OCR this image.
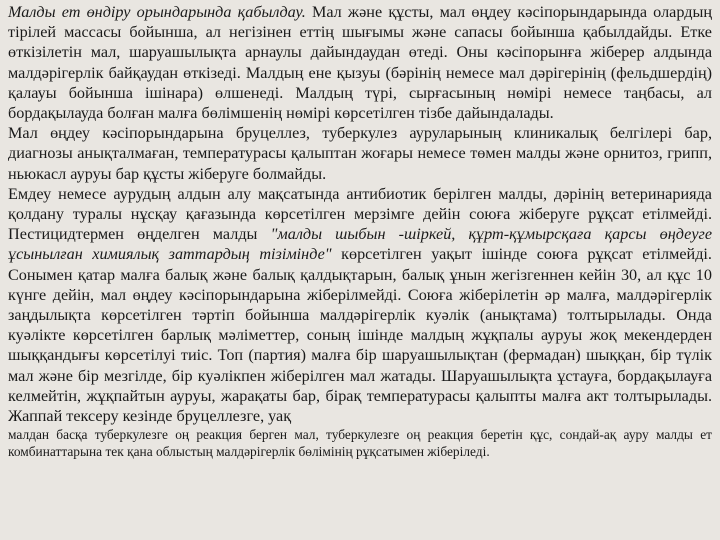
Малды ет өндіру орындарында қабылдау. Мал және құсты, мал өңдеу кәсіпорындарында олардың тірілей массасы бойынша, ал негізінен еттің шығымы және сапасы бойынша қабылдайды. Етке өткізілетін мал, шаруашылықта арнаулы дайындаудан өтеді. Оны кәсіпорынға жіберер алдында малдәрігерлік байқаудан өткізеді. Малдың ене қызуы (бәрінің немесе мал дәрігерінің (фельдшердің) қалауы бойынша ішінара) өлшенеді. Малдың түрі, сырғасының нөмірі немесе таңбасы, ал бордақылауда болған малға бөлімшенің нөмірі көрсетілген тізбе дайындалады.

Мал өңдеу кәсіпорындарына бруцеллез, туберкулез ауруларының клиникалық белгілері бар, диагнозы анықталмаған, температурасы қалыптан жоғары немесе төмен малды және орнитоз, грипп, ньюкасл ауруы бар құсты жіберуге болмайды.

Емдеу немесе аурудың алдын алу мақсатында антибиотик берілген малды, дәрінің ветеринарияда қолдану туралы нұсқау қағазында көрсетілген мерзімге дейін союға жіберуге рұқсат етілмейді. Пестицидтермен өңделген малды "малды шыбын -шіркей, құрт-құмырсқаға қарсы өңдеуге ұсынылған химиялық заттардың тізімінде" көрсетілген уақыт ішінде союға рұқсат етілмейді. Сонымен қатар малға балық және балық қалдықтарын, балық ұнын жегізгеннен кейін 30, ал құс 10 күнге дейін, мал өңдеу кәсіпорындарына жіберілмейді. Союға жіберілетін әр малға, малдәрігерлік заңдылықта көрсетілген тәртіп бойынша малдәрігерлік куәлік (анықтама) толтырылады. Онда куәлікте көрсетілген барлық мәліметтер, соның ішінде малдың жұқпалы ауруы жоқ мекендерден шыққандығы көрсетілуі тиіс. Топ (партия) малға бір шаруашылықтан (фермадан) шыққан, бір түлік мал және бір мезгілде, бір куәлікпен жіберілген мал жатады. Шаруашылықта ұстауға, бордақылауға келмейтін, жұқпайтын ауруы, жарақаты бар, бірақ температурасы қалыпты малға акт толтырылады. Жаппай тексеру кезінде бруцеллезге, уақ

малдан басқа туберкулезге оң реакция берген мал, туберкулезге оң реакция беретін құс, сондай-ақ ауру малды ет комбинаттарына тек қана облыстың малдәрігерлік бөлімінің рұқсатымен жіберіледі.
